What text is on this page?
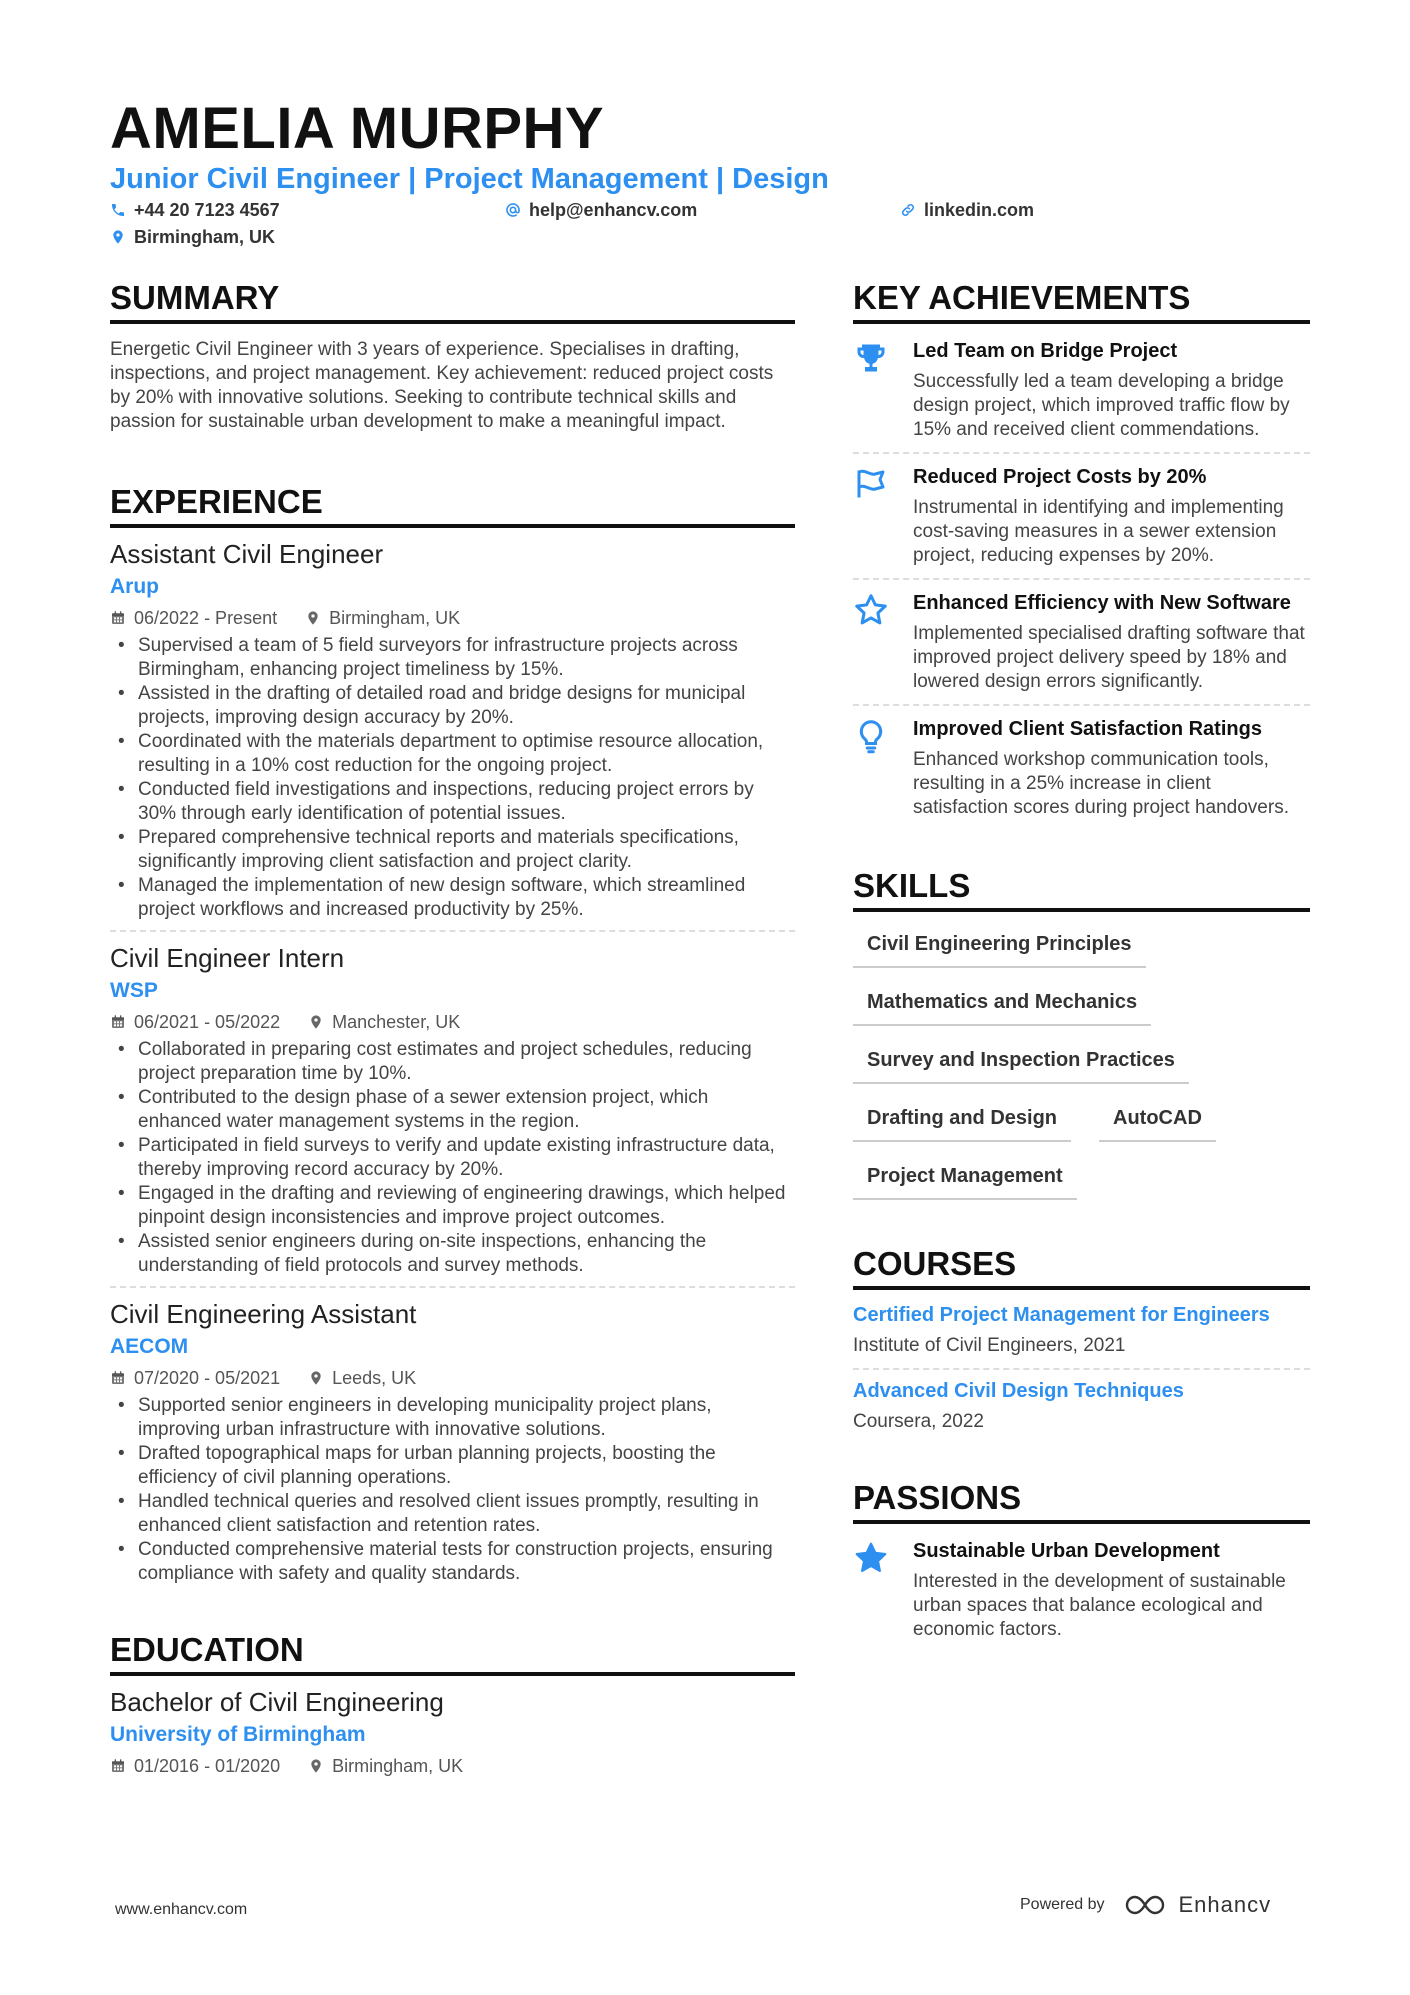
AMELIA MURPHY
Junior Civil Engineer | Project Management | Design
+44 20 7123 4567	help@enhancv.com	linkedin.com
Birmingham, UK
SUMMARY
Energetic Civil Engineer with 3 years of experience. Specialises in drafting, inspections, and project management. Key achievement: reduced project costs by 20% with innovative solutions. Seeking to contribute technical skills and passion for sustainable urban development to make a meaningful impact.
EXPERIENCE
Assistant Civil Engineer
Arup
06/2022 - Present	Birmingham, UK
• Supervised a team of 5 field surveyors for infrastructure projects across Birmingham, enhancing project timeliness by 15%.
• Assisted in the drafting of detailed road and bridge designs for municipal projects, improving design accuracy by 20%.
• Coordinated with the materials department to optimise resource allocation, resulting in a 10% cost reduction for the ongoing project.
• Conducted field investigations and inspections, reducing project errors by 30% through early identification of potential issues.
• Prepared comprehensive technical reports and materials specifications, significantly improving client satisfaction and project clarity.
• Managed the implementation of new design software, which streamlined project workflows and increased productivity by 25%.
Civil Engineer Intern
WSP
06/2021 - 05/2022	Manchester, UK
• Collaborated in preparing cost estimates and project schedules, reducing project preparation time by 10%.
• Contributed to the design phase of a sewer extension project, which enhanced water management systems in the region.
• Participated in field surveys to verify and update existing infrastructure data, thereby improving record accuracy by 20%.
• Engaged in the drafting and reviewing of engineering drawings, which helped pinpoint design inconsistencies and improve project outcomes.
• Assisted senior engineers during on-site inspections, enhancing the understanding of field protocols and survey methods.
Civil Engineering Assistant
AECOM
07/2020 - 05/2021	Leeds, UK
• Supported senior engineers in developing municipality project plans, improving urban infrastructure with innovative solutions.
• Drafted topographical maps for urban planning projects, boosting the efficiency of civil planning operations.
• Handled technical queries and resolved client issues promptly, resulting in enhanced client satisfaction and retention rates.
• Conducted comprehensive material tests for construction projects, ensuring compliance with safety and quality standards.
EDUCATION
Bachelor of Civil Engineering
University of Birmingham
01/2016 - 01/2020	Birmingham, UK
KEY ACHIEVEMENTS
Led Team on Bridge Project
Successfully led a team developing a bridge design project, which improved traffic flow by 15% and received client commendations.
Reduced Project Costs by 20%
Instrumental in identifying and implementing cost-saving measures in a sewer extension project, reducing expenses by 20%.
Enhanced Efficiency with New Software
Implemented specialised drafting software that improved project delivery speed by 18% and lowered design errors significantly.
Improved Client Satisfaction Ratings
Enhanced workshop communication tools, resulting in a 25% increase in client satisfaction scores during project handovers.
SKILLS
Civil Engineering Principles
Mathematics and Mechanics
Survey and Inspection Practices
Drafting and Design	AutoCAD
Project Management
COURSES
Certified Project Management for Engineers
Institute of Civil Engineers, 2021
Advanced Civil Design Techniques
Coursera, 2022
PASSIONS
Sustainable Urban Development
Interested in the development of sustainable urban spaces that balance ecological and economic factors.
www.enhancv.com	Powered by	Enhancv
